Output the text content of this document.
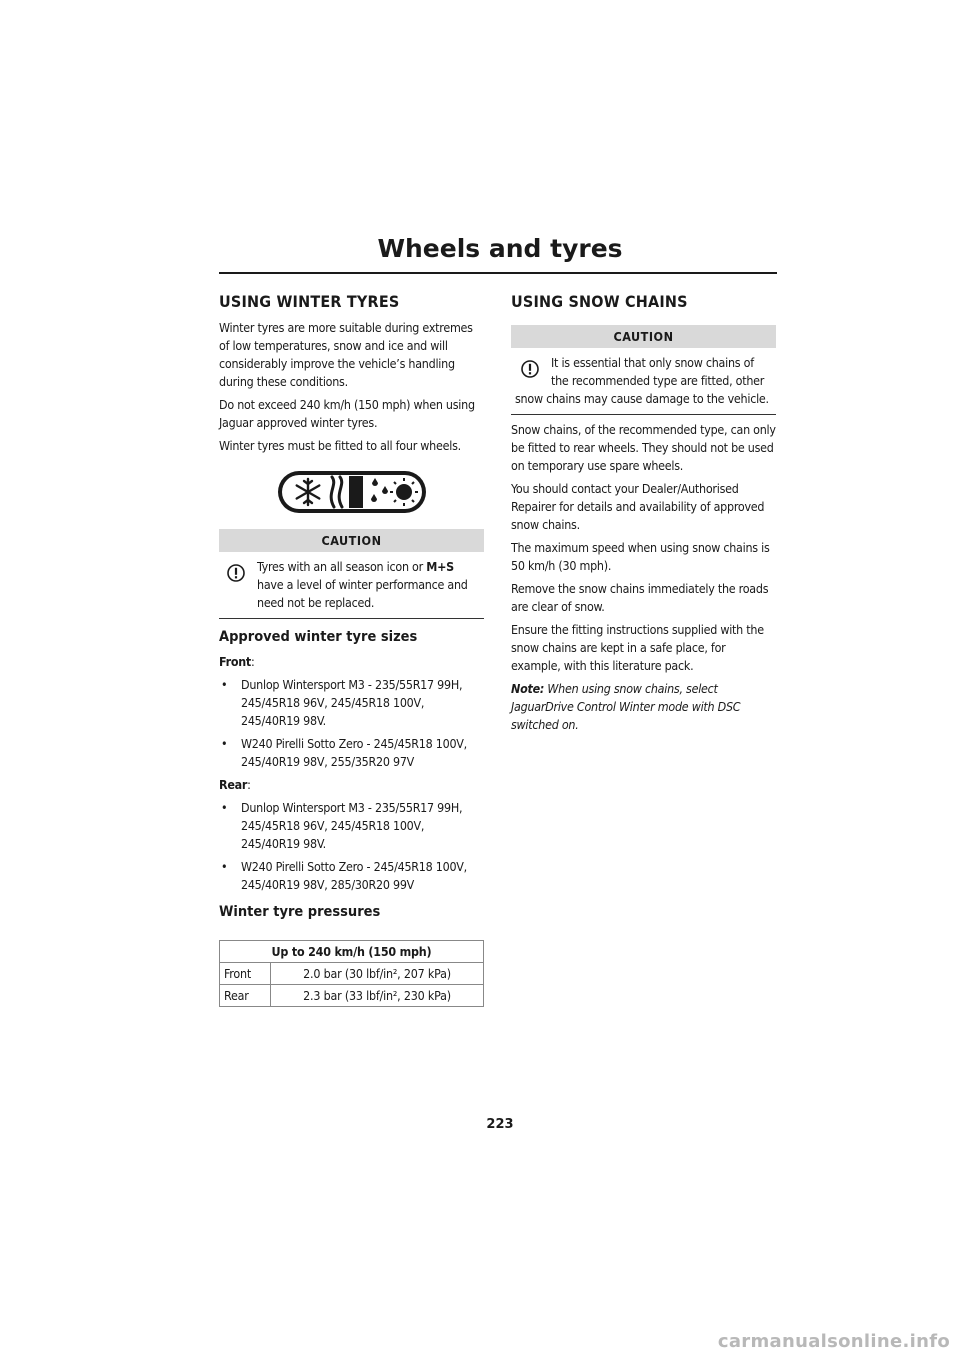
Wheels and tyres
USING WINTER TYRES

Winter tyres are more suitable during extremes of low temperatures, snow and ice and will considerably improve the vehicle’s handling during these conditions.

Do not exceed 240 km/h (150 mph) when using Jaguar approved winter tyres.

Winter tyres must be fitted to all four wheels.

CAUTION

Tyres with an all season icon or M+S have a level of winter performance and need not be replaced.

Approved winter tyre sizes

Front:

• Dunlop Wintersport M3 - 235/55R17 99H, 245/45R18 96V, 245/45R18 100V, 245/40R19 98V.
• W240 Pirelli Sotto Zero - 245/45R18 100V, 245/40R19 98V, 255/35R20 97V

Rear:

• Dunlop Wintersport M3 - 235/55R17 99H, 245/45R18 96V, 245/45R18 100V, 245/40R19 98V.
• W240 Pirelli Sotto Zero - 245/45R18 100V, 245/40R19 98V, 285/30R20 99V
Winter tyre pressures
Up to 240 km/h (150 mph)	
Front	2.0 bar (30 lbf/in², 207 kPa)
Rear	2.3 bar (33 lbf/in², 230 kPa)
USING SNOW CHAINS
CAUTION

It is essential that only snow chains of the recommended type are fitted, other snow chains may cause damage to the vehicle.

Snow chains, of the recommended type, can only be fitted to rear wheels. They should not be used on temporary use spare wheels.

You should contact your Dealer/Authorised Repairer for details and availability of approved snow chains.

The maximum speed when using snow chains is 50 km/h (30 mph).

Remove the snow chains immediately the roads are clear of snow.

Ensure the fitting instructions supplied with the snow chains are kept in a safe place, for example, with this literature pack.

Note: When using snow chains, select JaguarDrive Control Winter mode with DSC switched on.

223
carmanualsonline.info
